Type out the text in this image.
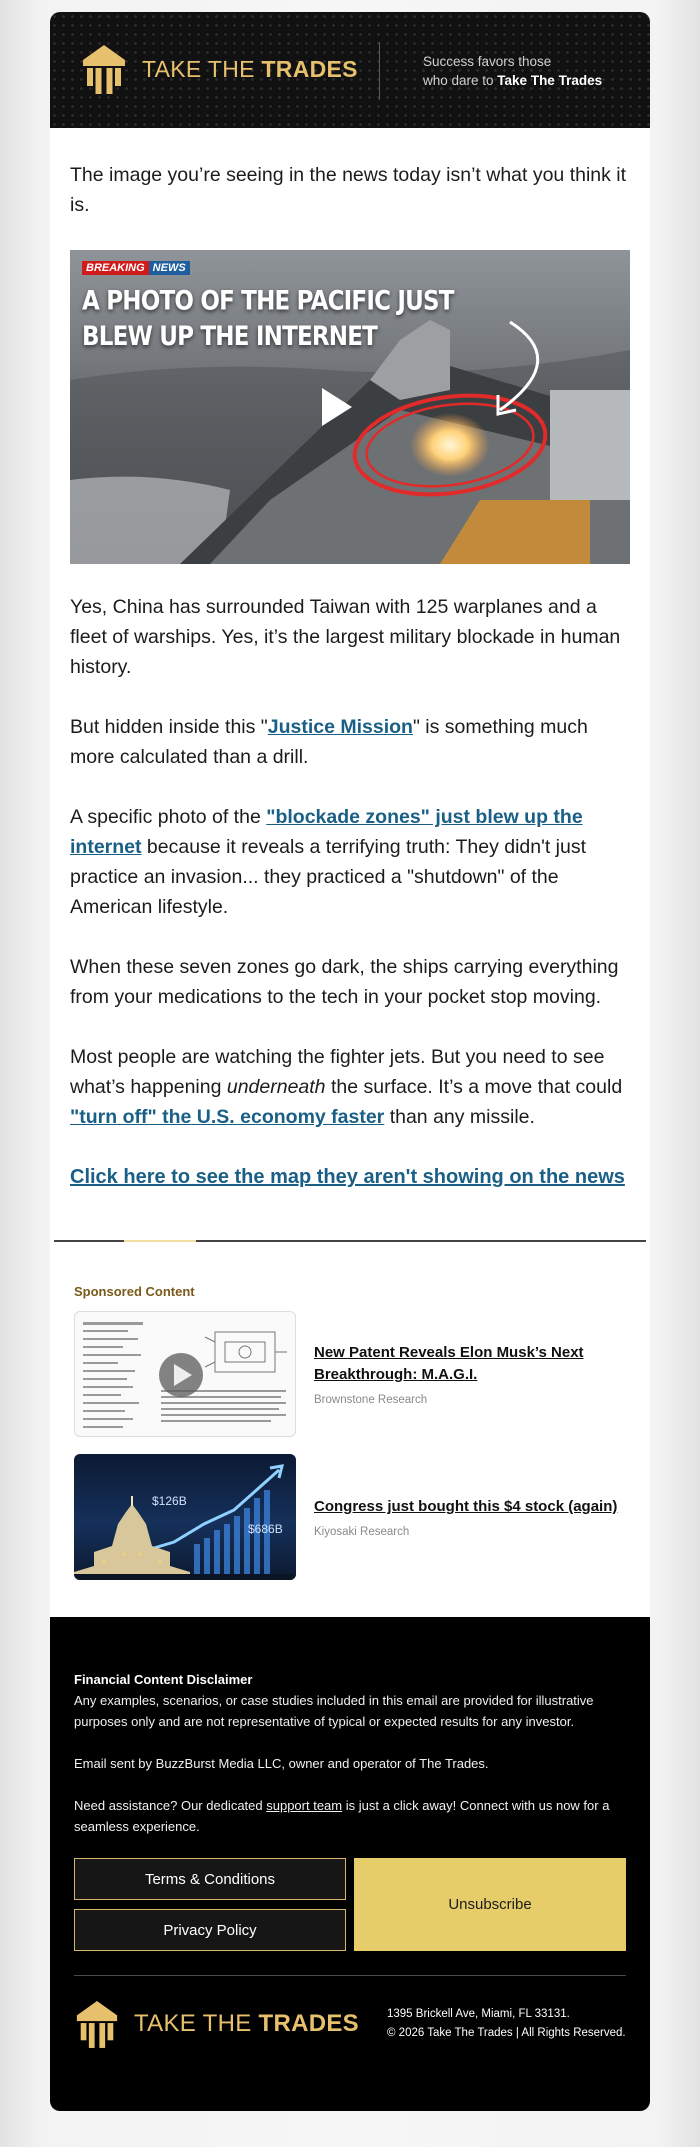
TAKE THE TRADES	Success favors those
who dare to Take The Trades

The image you’re seeing in the news today isn’t what you think it is.

BREAKING NEWS
A PHOTO OF THE PACIFIC JUST
BLEW UP THE INTERNET

Yes, China has surrounded Taiwan with 125 warplanes and a fleet of warships. Yes, it’s the largest military blockade in human history.

But hidden inside this "Justice Mission" is something much more calculated than a drill.

A specific photo of the "blockade zones" just blew up the internet because it reveals a terrifying truth: They didn't just practice an invasion... they practiced a "shutdown" of the American lifestyle.

When these seven zones go dark, the ships carrying everything from your medications to the tech in your pocket stop moving.

Most people are watching the fighter jets. But you need to see what’s happening underneath the surface. It’s a move that could "turn off" the U.S. economy faster than any missile.

Click here to see the map they aren't showing on the news

Sponsored Content
New Patent Reveals Elon Musk’s Next Breakthrough: M.A.G.I.
Brownstone Research
$126B
$686B
Congress just bought this $4 stock (again)
Kiyosaki Research
Financial Content Disclaimer

Any examples, scenarios, or case studies included in this email are provided for illustrative purposes only and are not representative of typical or expected results for any investor.

Email sent by BuzzBurst Media LLC, owner and operator of The Trades.

Need assistance? Our dedicated support team is just a click away! Connect with us now for a seamless experience.

Terms & Conditions
Privacy Policy
Unsubscribe
TAKE THE TRADES 1395 Brickell Ave, Miami, FL 33131.
© 2026 Take The Trades | All Rights Reserved.
